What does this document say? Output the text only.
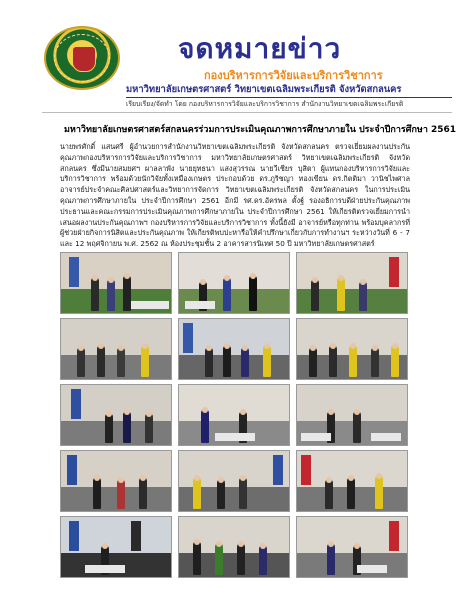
จดหมายข่าว
กองบริหารการวิจัยและบริการวิชาการ
มหาวิทยาลัยเกษตรศาสตร์ วิทยาเขตเฉลิมพระเกียรติ จังหวัดสกลนคร
เรียบเรียง/จัดทำ โดย กองบริหารการวิจัยและบริการวิชาการ สำนักงานวิทยาเขตเฉลิมพระเกียรติ
มหาวิทยาลัยเกษตรศาสตร์สกลนครร่วมการประเมินคุณภาพการศึกษาภายใน ประจำปีการศึกษา 2561
นายพรศักดิ์ แสนศรี ผู้อำนวยการสำนักงานวิทยาเขตเฉลิมพระเกียรติ จังหวัดสกลนคร ตรวจเยี่ยมผลงานประกันคุณภาพกองบริหารการวิจัยและบริการวิชาการ มหาวิทยาลัยเกษตรศาสตร์ วิทยาเขตเฉลิมพระเกียรติ จังหวัดสกลนคร ซึ่งมีนายสมยศฯ ผาลลาพัง นายยุทธนา แสงสุวรรณ นายวีเชียร บุสิตา ผู้แทนกองบริหารการวิจัยและบริการวิชาการ พร้อมด้วยนักวิจัยทั้งเหมืองเกษตร ประกอบด้วย ดร.ภูริชญา ทองเขียน ดร.กิตติมา วานิชไพศาล อาจารย์ประจำคณะศิลปศาสตร์และวิทยาการจัดการ วิทยาเขตเฉลิมพระเกียรติ จังหวัดสกลนคร ในการประเมินคุณภาพการศึกษาภายใน ประจำปีการศึกษา 2561 อีกมี รศ.ดร.อัครพล ตั้งฐ์ รองอธิการบดีฝ่ายประกันคุณภาพ ประธานและคณะกรรมการประเมินคุณภาพการศึกษาภายใน ประจำปีการศึกษา 2561 ให้เกียรติตรวจเยี่ยมการนำเสนอผลงานประกันคุณภาพฯ กองบริหารการวิจัยและบริการวิชาการ ทั้งนี้ยังมี อาจารย์หรือทุกท่าน พร้อมบุคลากรที่ ผู้ช่วยฝ่ายกิจการนิสิตและประกันคุณภาพ ให้เกียรติพบปะหารือให้คำปรึกษาเกี่ยวกับการทำงานฯ ระหว่างวันที่ 6 - 7 และ 12 พฤศจิกายน พ.ศ. 2562 ณ ห้องประชุมชั้น 2 อาคารสารนิเทศ 50 ปี มหาวิทยาลัยเกษตรศาสตร์
